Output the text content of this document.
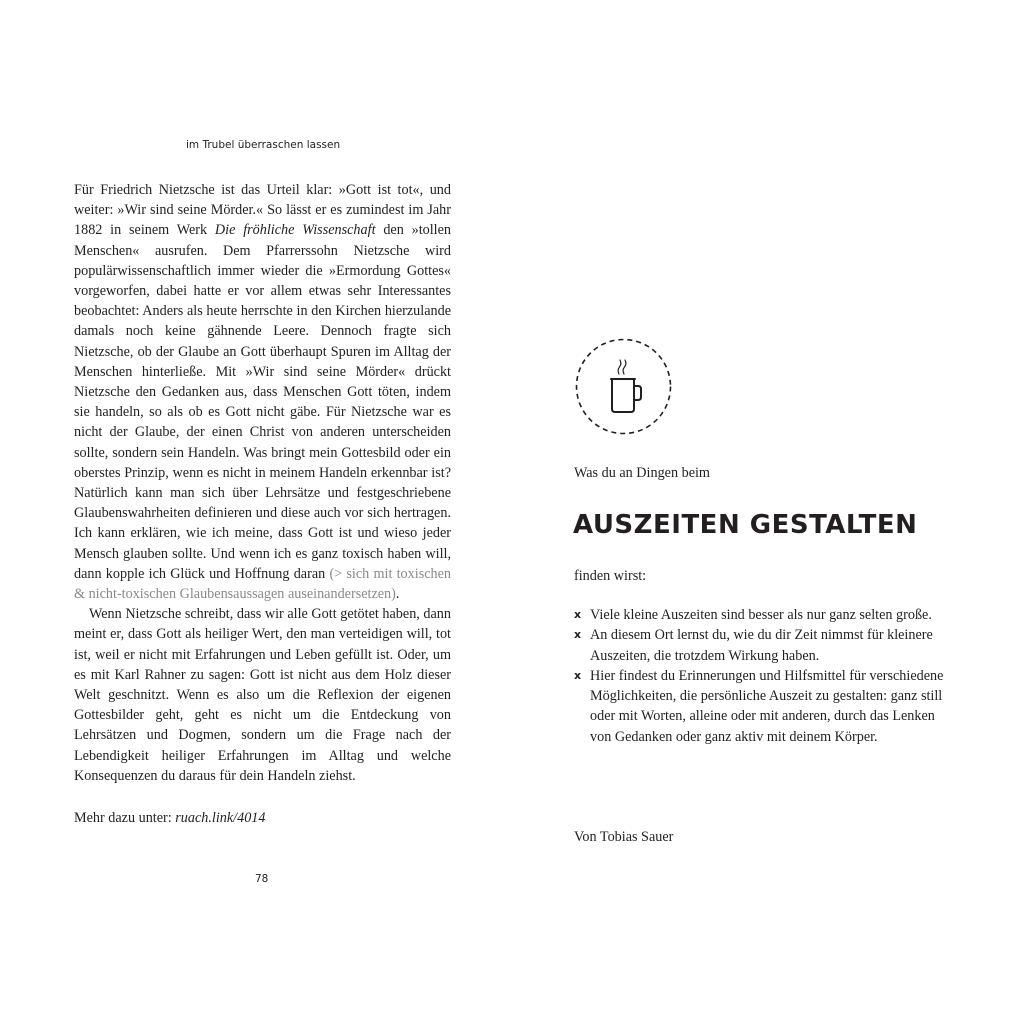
im Trubel überraschen lassen

Für Friedrich Nietzsche ist das Urteil klar: »Gott ist tot«, und weiter: »Wir sind seine Mörder.« So lässt er es zumindest im Jahr 1882 in seinem Werk Die fröhliche Wissenschaft den »tollen Menschen« ausrufen. Dem Pfarrerssohn Nietzsche wird populärwissenschaftlich immer wieder die »Ermordung Gottes« vorgeworfen, dabei hatte er vor allem etwas sehr Interessantes beobachtet: Anders als heute herrschte in den Kirchen hierzulande damals noch keine gähnende Leere. Dennoch fragte sich Nietzsche, ob der Glaube an Gott überhaupt Spuren im Alltag der Menschen hinterließe. Mit »Wir sind seine Mörder« drückt Nietzsche den Gedanken aus, dass Menschen Gott töten, indem sie handeln, so als ob es Gott nicht gäbe. Für Nietzsche war es nicht der Glaube, der einen Christ von anderen unterscheiden sollte, sondern sein Handeln. Was bringt mein Gottesbild oder ein oberstes Prinzip, wenn es nicht in meinem Handeln erkennbar ist? Natürlich kann man sich über Lehrsätze und festgeschriebene Glaubenswahrheiten definieren und diese auch vor sich hertragen. Ich kann erklären, wie ich meine, dass Gott ist und wieso jeder Mensch glauben sollte. Und wenn ich es ganz toxisch haben will, dann kopple ich Glück und Hoffnung daran (> sich mit toxischen & nicht-toxischen Glaubensaussagen auseinandersetzen).

Wenn Nietzsche schreibt, dass wir alle Gott getötet haben, dann meint er, dass Gott als heiliger Wert, den man verteidigen will, tot ist, weil er nicht mit Erfahrungen und Leben gefüllt ist. Oder, um es mit Karl Rahner zu sagen: Gott ist nicht aus dem Holz dieser Welt geschnitzt. Wenn es also um die Reflexion der eigenen Gottesbilder geht, geht es nicht um die Entdeckung von Lehrsätzen und Dogmen, sondern um die Frage nach der Lebendigkeit heiliger Erfahrungen im Alltag und welche Konsequenzen du daraus für dein Handeln ziehst.

Mehr dazu unter: ruach.link/4014
78
Was du an Dingen beim
AUSZEITEN GESTALTEN
finden wirst:
x Viele kleine Auszeiten sind besser als nur ganz selten große.
x An diesem Ort lernst du, wie du dir Zeit nimmst für kleinere Auszeiten, die trotzdem Wirkung haben.
x Hier findest du Erinnerungen und Hilfsmittel für verschiedene Möglichkeiten, die persönliche Auszeit zu gestalten: ganz still oder mit Worten, alleine oder mit anderen, durch das Lenken von Gedanken oder ganz aktiv mit deinem Körper.
Von Tobias Sauer
